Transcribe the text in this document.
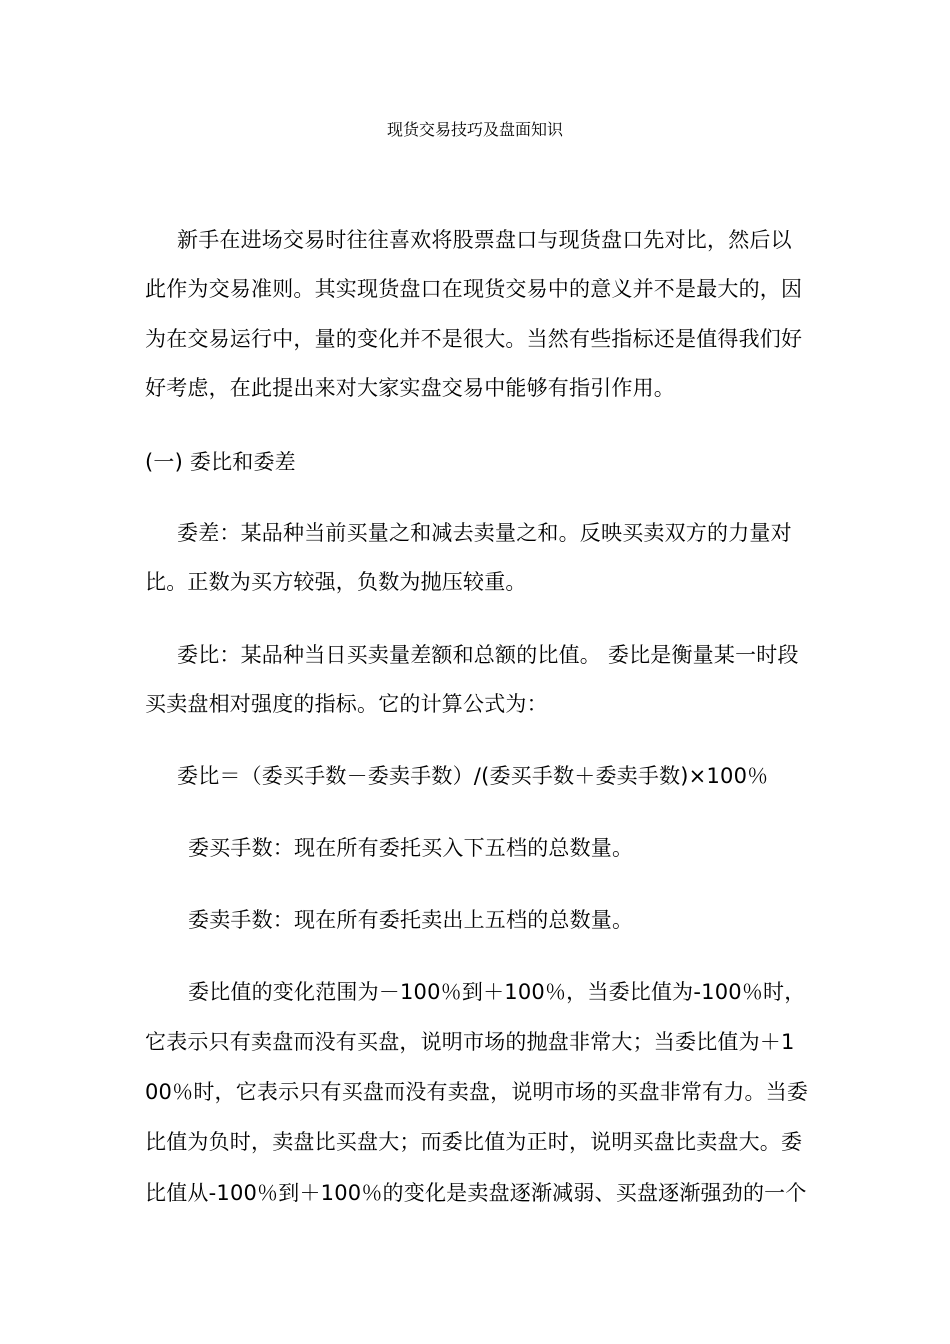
现货交易技巧及盘面知识
新手在进场交易时往往喜欢将股票盘口与现货盘口先对比，然后以
此作为交易准则。其实现货盘口在现货交易中的意义并不是最大的，因
为在交易运行中，量的变化并不是很大。当然有些指标还是值得我们好
好考虑，在此提出来对大家实盘交易中能够有指引作用。
(一) 委比和委差
委差：某品种当前买量之和减去卖量之和。反映买卖双方的力量对
比。正数为买方较强，负数为抛压较重。
委比：某品种当日买卖量差额和总额的比值。 委比是衡量某一时段
买卖盘相对强度的指标。它的计算公式为：
委比＝（委买手数－委卖手数）/(委买手数＋委卖手数)×100％
委买手数：现在所有委托买入下五档的总数量。
委卖手数：现在所有委托卖出上五档的总数量。
委比值的变化范围为－100％到＋100％，当委比值为-100％时，
它表示只有卖盘而没有买盘，说明市场的抛盘非常大；当委比值为＋1
00％时，它表示只有买盘而没有卖盘，说明市场的买盘非常有力。当委
比值为负时，卖盘比买盘大；而委比值为正时，说明买盘比卖盘大。委
比值从-100％到＋100％的变化是卖盘逐渐减弱、买盘逐渐强劲的一个
